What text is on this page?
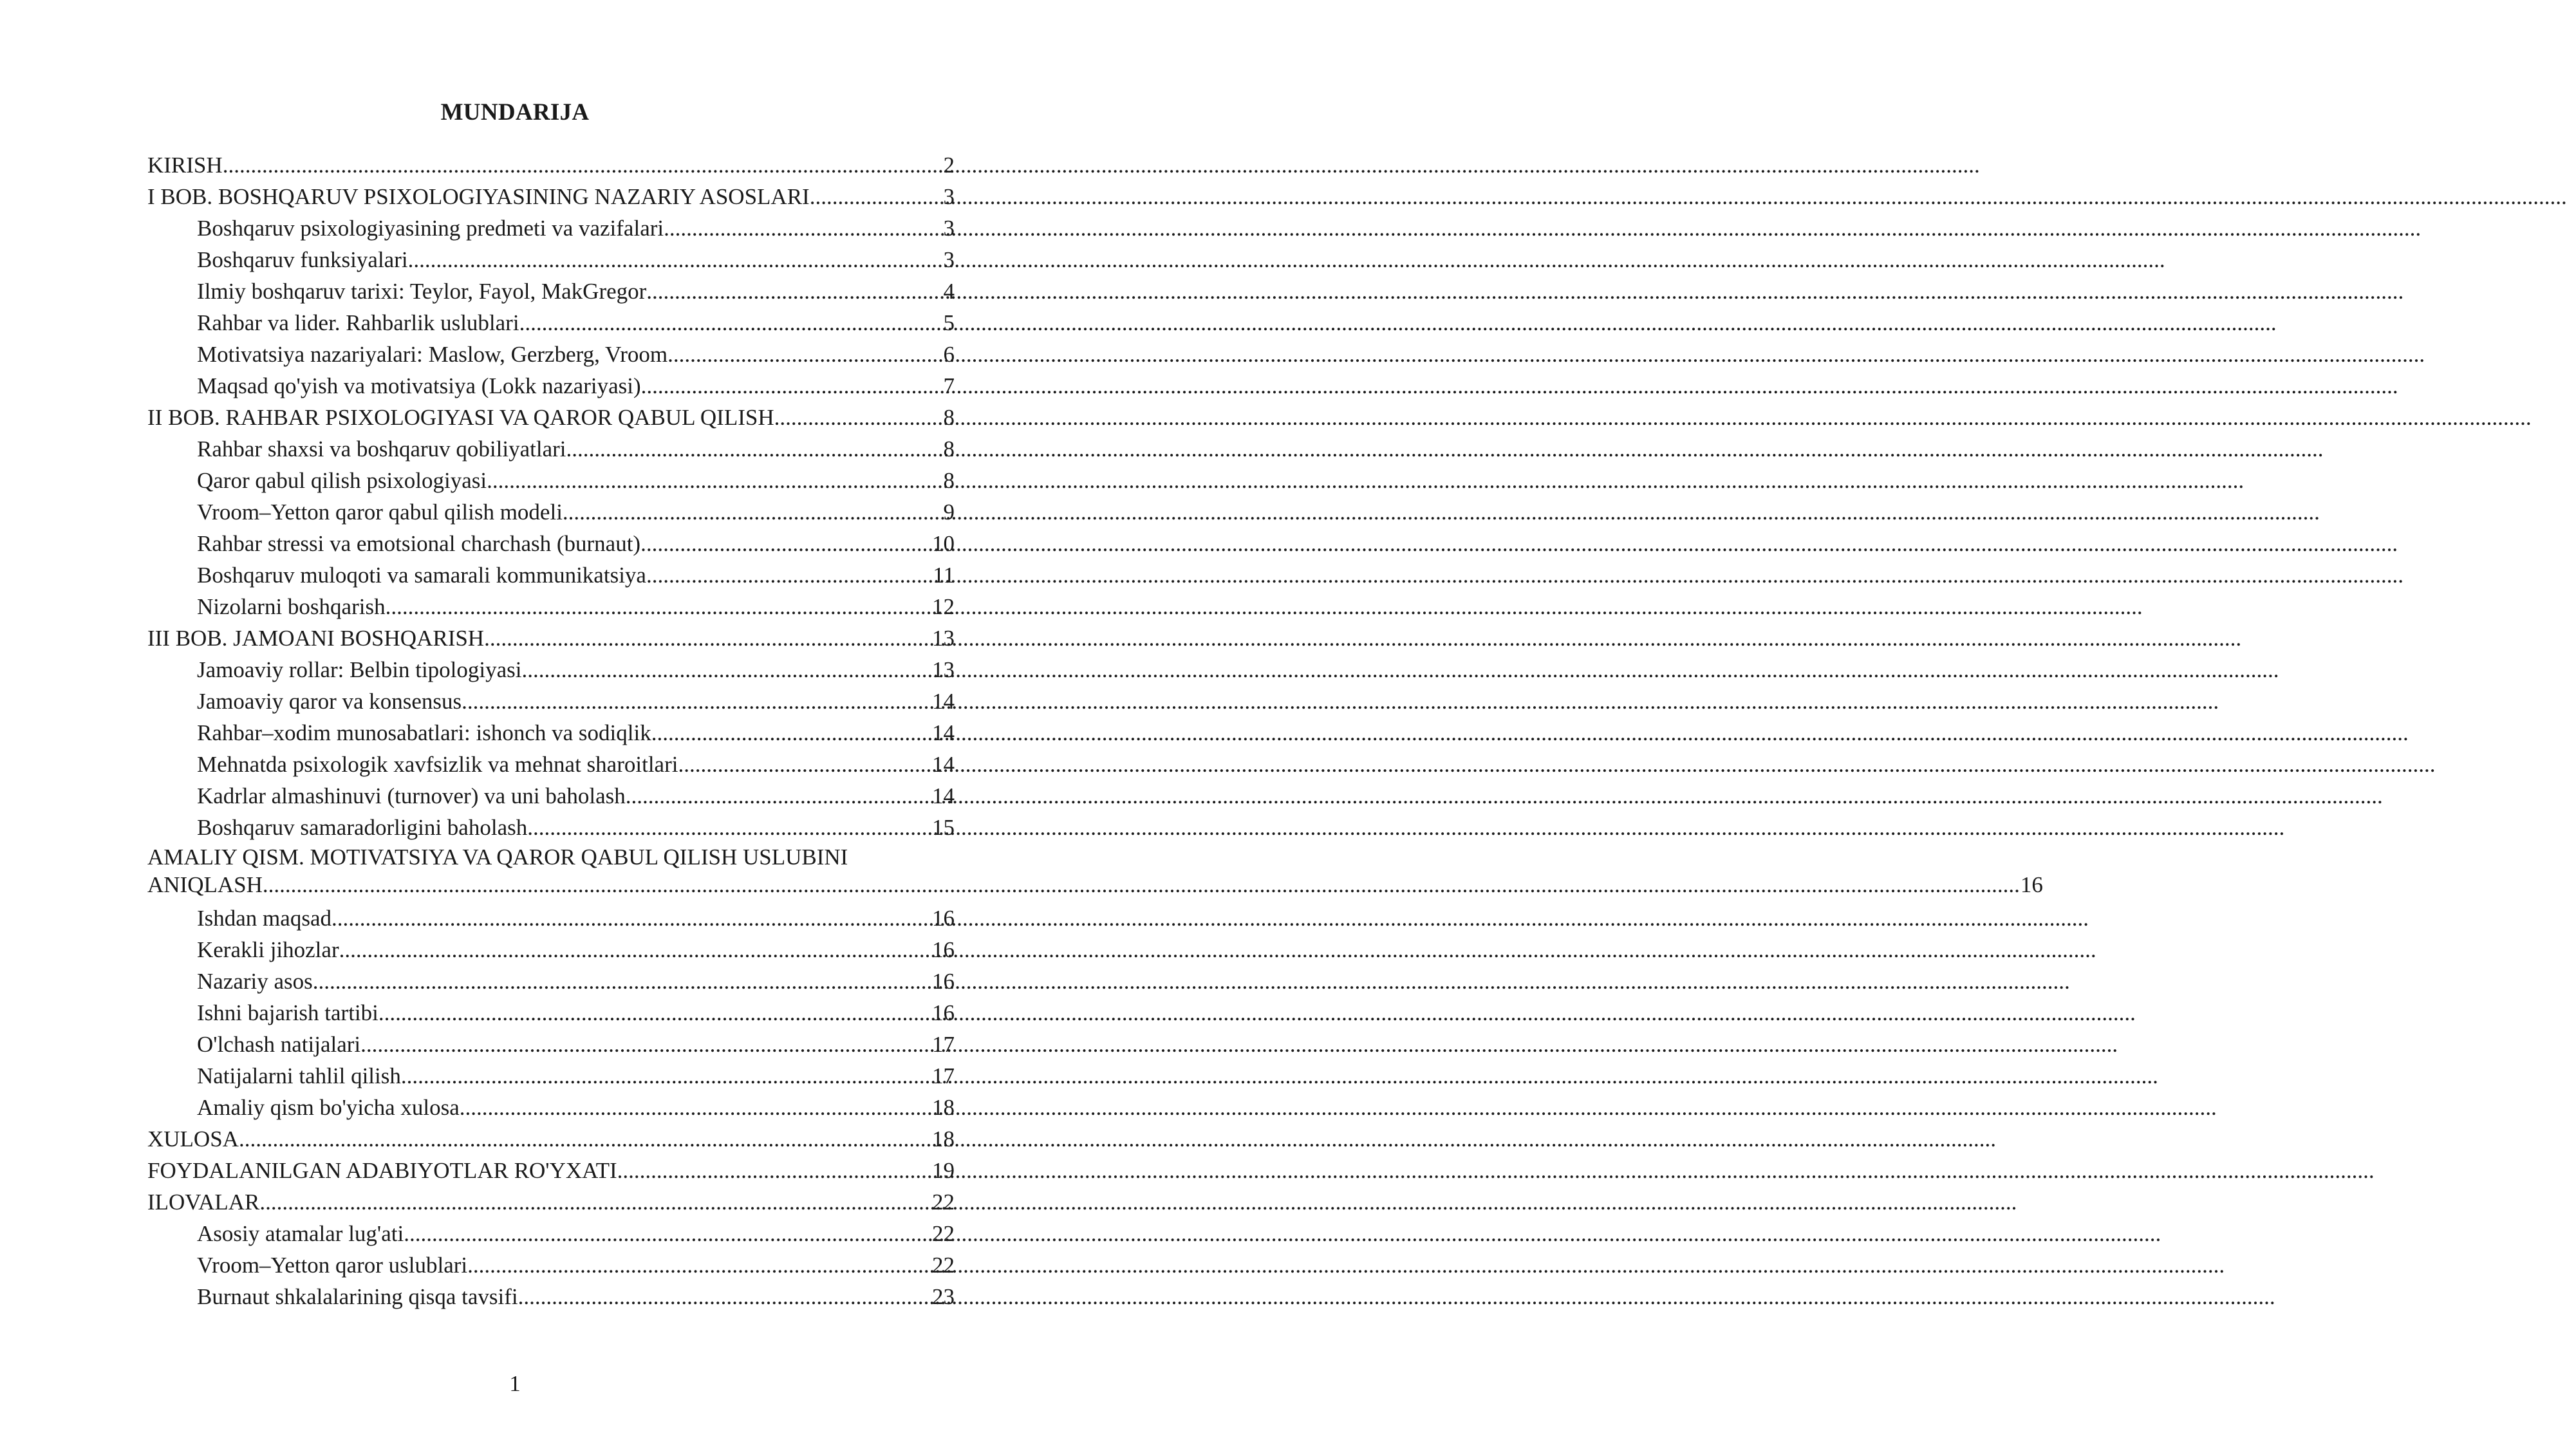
MUNDARIJA
KIRISH .....	2
I BOB. BOSHQARUV PSIXOLOGIYASINING NAZARIY ASOSLARI .....	3
Boshqaruv psixologiyasining predmeti va vazifalari .....	3
Boshqaruv funksiyalari .....	3
Ilmiy boshqaruv tarixi: Teylor, Fayol, MakGregor .....	4
Rahbar va lider. Rahbarlik uslublari .....	5
Motivatsiya nazariyalari: Maslow, Gerzberg, Vroom .....	6
Maqsad qo'yish va motivatsiya (Lokk nazariyasi) .....	7
II BOB. RAHBAR PSIXOLOGIYASI VA QAROR QABUL QILISH .....	8
Rahbar shaxsi va boshqaruv qobiliyatlari .....	8
Qaror qabul qilish psixologiyasi .....	8
Vroom–Yetton qaror qabul qilish modeli .....	9
Rahbar stressi va emotsional charchash (burnaut) .....	10
Boshqaruv muloqoti va samarali kommunikatsiya .....	11
Nizolarni boshqarish .....	12
III BOB. JAMOANI BOSHQARISH .....	13
Jamoaviy rollar: Belbin tipologiyasi .....	13
Jamoaviy qaror va konsensus .....	14
Rahbar–xodim munosabatlari: ishonch va sodiqlik .....	14
Mehnatda psixologik xavfsizlik va mehnat sharoitlari .....	14
Kadrlar almashinuvi (turnover) va uni baholash .....	14
Boshqaruv samaradorligini baholash .....	15
AMALIY QISM. MOTIVATSIYA VA QAROR QABUL QILISH USLUBINI
ANIQLASH .....	16
Ishdan maqsad .....	16
Kerakli jihozlar .....	16
Nazariy asos .....	16
Ishni bajarish tartibi .....	16
O'lchash natijalari .....	17
Natijalarni tahlil qilish .....	17
Amaliy qism bo'yicha xulosa .....	18
XULOSA .....	18
FOYDALANILGAN ADABIYOTLAR RO'YXATI .....	19
ILOVALAR .....	22
Asosiy atamalar lug'ati .....	22
Vroom–Yetton qaror uslublari .....	22
Burnaut shkalalarining qisqa tavsifi .....	23
1
